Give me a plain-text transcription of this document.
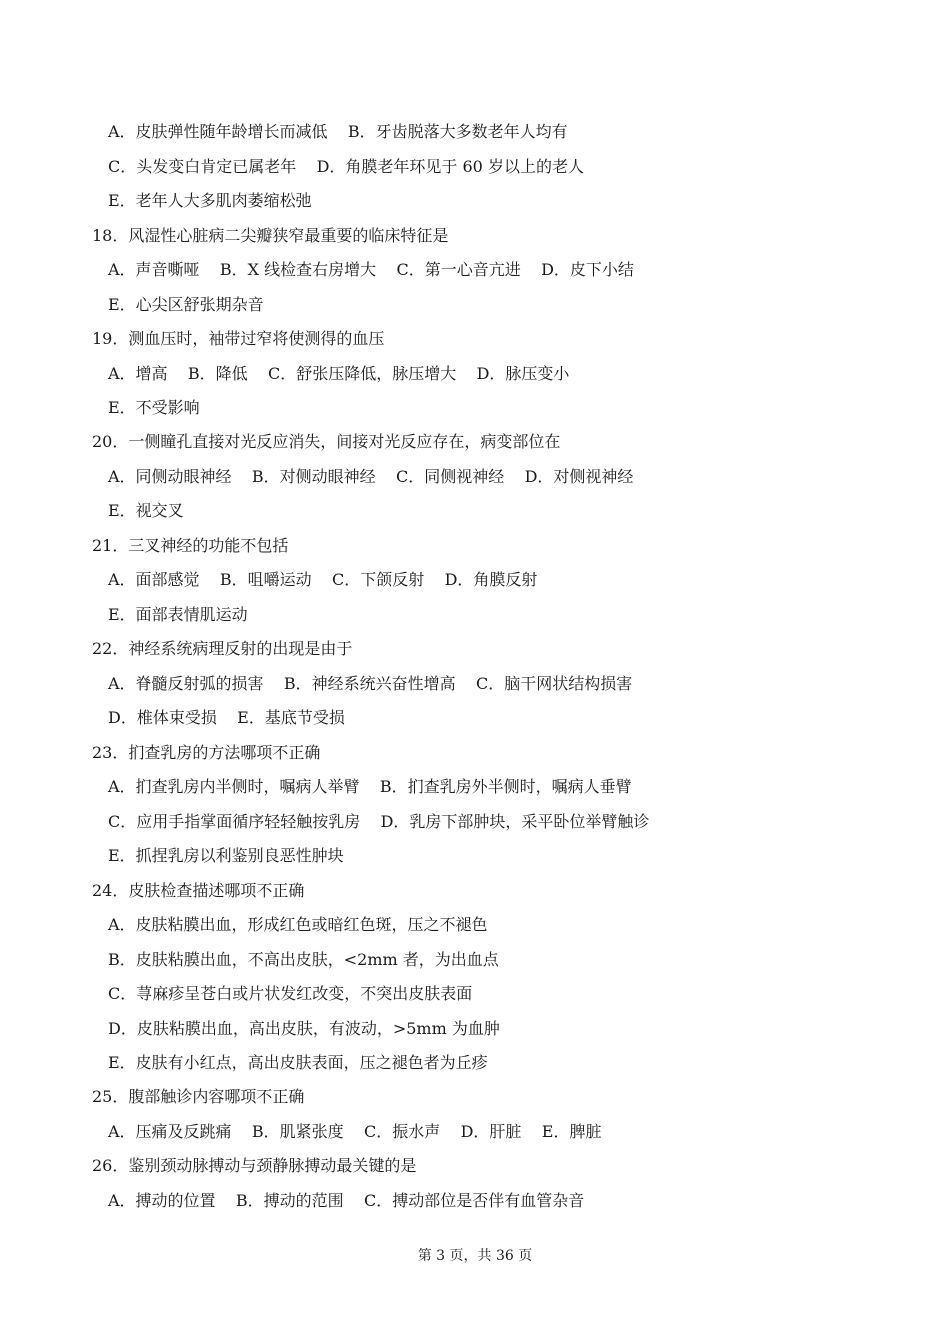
A．皮肤弹性随年龄增长而减低    B．牙齿脱落大多数老年人均有
C．头发变白肯定已属老年    D．角膜老年环见于 60 岁以上的老人
E．老年人大多肌肉萎缩松弛
18．风湿性心脏病二尖瓣狭窄最重要的临床特征是
A．声音嘶哑    B．X 线检查右房增大    C．第一心音亢进    D．皮下小结
E．心尖区舒张期杂音
19．测血压时，袖带过窄将使测得的血压
A．增高    B．降低    C．舒张压降低，脉压增大    D．脉压变小
E．不受影响
20．一侧瞳孔直接对光反应消失，间接对光反应存在，病变部位在
A．同侧动眼神经    B．对侧动眼神经    C．同侧视神经    D．对侧视神经
E．视交叉
21．三叉神经的功能不包括
A．面部感觉    B．咀嚼运动    C．下颌反射    D．角膜反射
E．面部表情肌运动
22．神经系统病理反射的出现是由于
A．脊髓反射弧的损害    B．神经系统兴奋性增高    C．脑干网状结构损害
D．椎体束受损    E．基底节受损
23．扪查乳房的方法哪项不正确
A．扪查乳房内半侧时，嘱病人举臂    B．扪查乳房外半侧时，嘱病人垂臂
C．应用手指掌面循序轻轻触按乳房    D．乳房下部肿块，采平卧位举臂触诊
E．抓捏乳房以利鉴别良恶性肿块
24．皮肤检查描述哪项不正确
A．皮肤粘膜出血，形成红色或暗红色斑，压之不褪色
B．皮肤粘膜出血，不高出皮肤，<2mm 者，为出血点
C．荨麻疹呈苍白或片状发红改变，不突出皮肤表面
D．皮肤粘膜出血，高出皮肤，有波动，>5mm 为血肿
E．皮肤有小红点，高出皮肤表面，压之褪色者为丘疹
25．腹部触诊内容哪项不正确
A．压痛及反跳痛    B．肌紧张度    C．振水声    D．肝脏    E．脾脏
26．鉴别颈动脉搏动与颈静脉搏动最关键的是
A．搏动的位置    B．搏动的范围    C．搏动部位是否伴有血管杂音
第 3 页，共 36 页
